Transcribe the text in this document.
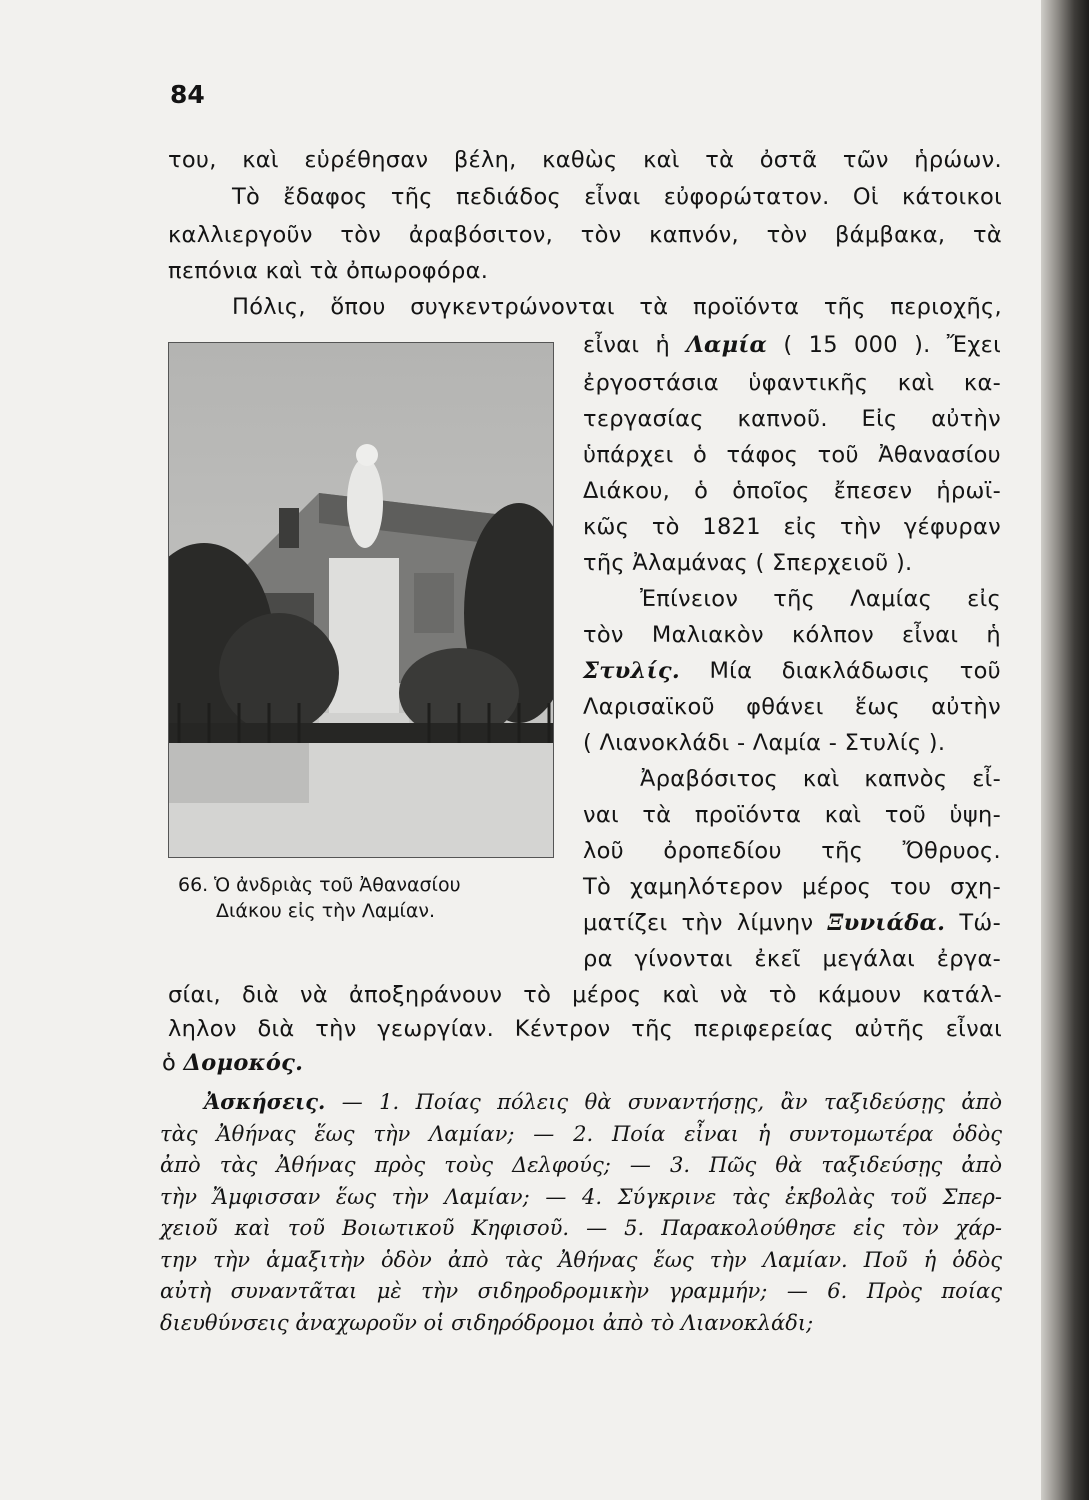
84
του, καὶ εὑρέθησαν βέλη, καθὼς καὶ τὰ ὀστᾶ τῶν ἡρώων.
Τὸ ἔδαφος τῆς πεδιάδος εἶναι εὐφορώτατον. Οἱ κάτοικοι
καλλιεργοῦν τὸν ἀραβόσιτον, τὸν καπνόν, τὸν βάμβακα, τὰ
πεπόνια καὶ τὰ ὀπωροφόρα.
Πόλις, ὅπου συγκεντρώνονται τὰ προϊόντα τῆς περιοχῆς,
66. Ὁ ἀνδριὰς τοῦ Ἀθανασίου
Διάκου εἰς τὴν Λαμίαν.
εἶναι ἡ Λαμία ( 15 000 ). Ἔχει
ἐργοστάσια ὑφαντικῆς καὶ κα-
τεργασίας καπνοῦ. Εἰς αὐτὴν
ὑπάρχει ὁ τάφος τοῦ Ἀθανασίου
Διάκου, ὁ ὁποῖος ἔπεσεν ἡρωϊ-
κῶς τὸ 1821 εἰς τὴν γέφυραν
τῆς Ἀλαμάνας ( Σπερχειοῦ ).
Ἐπίνειον τῆς Λαμίας εἰς
τὸν Μαλιακὸν κόλπον εἶναι ἡ
Στυλίς. Μία διακλάδωσις τοῦ
Λαρισαϊκοῦ φθάνει ἕως αὐτὴν
( Λιανοκλάδι - Λαμία - Στυλίς ).
Ἀραβόσιτος καὶ καπνὸς εἶ-
ναι τὰ προϊόντα καὶ τοῦ ὑψη-
λοῦ ὀροπεδίου τῆς Ὄθρυος.
Τὸ χαμηλότερον μέρος του σχη-
ματίζει τὴν λίμνην Ξυνιάδα. Τώ-
ρα γίνονται ἐκεῖ μεγάλαι ἐργα-
σίαι, διὰ νὰ ἀποξηράνουν τὸ μέρος καὶ νὰ τὸ κάμουν κατάλ-
ληλον διὰ τὴν γεωργίαν. Κέντρον τῆς περιφερείας αὐτῆς εἶναι
ὁ Δομοκός.
Ἀσκήσεις. — 1. Ποίας πόλεις θὰ συναντήσῃς, ἂν ταξιδεύσῃς ἀπὸ
τὰς Ἀθήνας ἕως τὴν Λαμίαν; — 2. Ποία εἶναι ἡ συντομωτέρα ὁδὸς
ἀπὸ τὰς Ἀθήνας πρὸς τοὺς Δελφούς; — 3. Πῶς θὰ ταξιδεύσῃς ἀπὸ
τὴν Ἄμφισσαν ἕως τὴν Λαμίαν; — 4. Σύγκρινε τὰς ἐκβολὰς τοῦ Σπερ-
χειοῦ καὶ τοῦ Βοιωτικοῦ Κηφισοῦ. — 5. Παρακολούθησε εἰς τὸν χάρ-
την τὴν ἁμαξιτὴν ὁδὸν ἀπὸ τὰς Ἀθήνας ἕως τὴν Λαμίαν. Ποῦ ἡ ὁδὸς
αὐτὴ συναντᾶται μὲ τὴν σιδηροδρομικὴν γραμμήν; — 6. Πρὸς ποίας
διευθύνσεις ἀναχωροῦν οἱ σιδηρόδρομοι ἀπὸ τὸ Λιανοκλάδι;
